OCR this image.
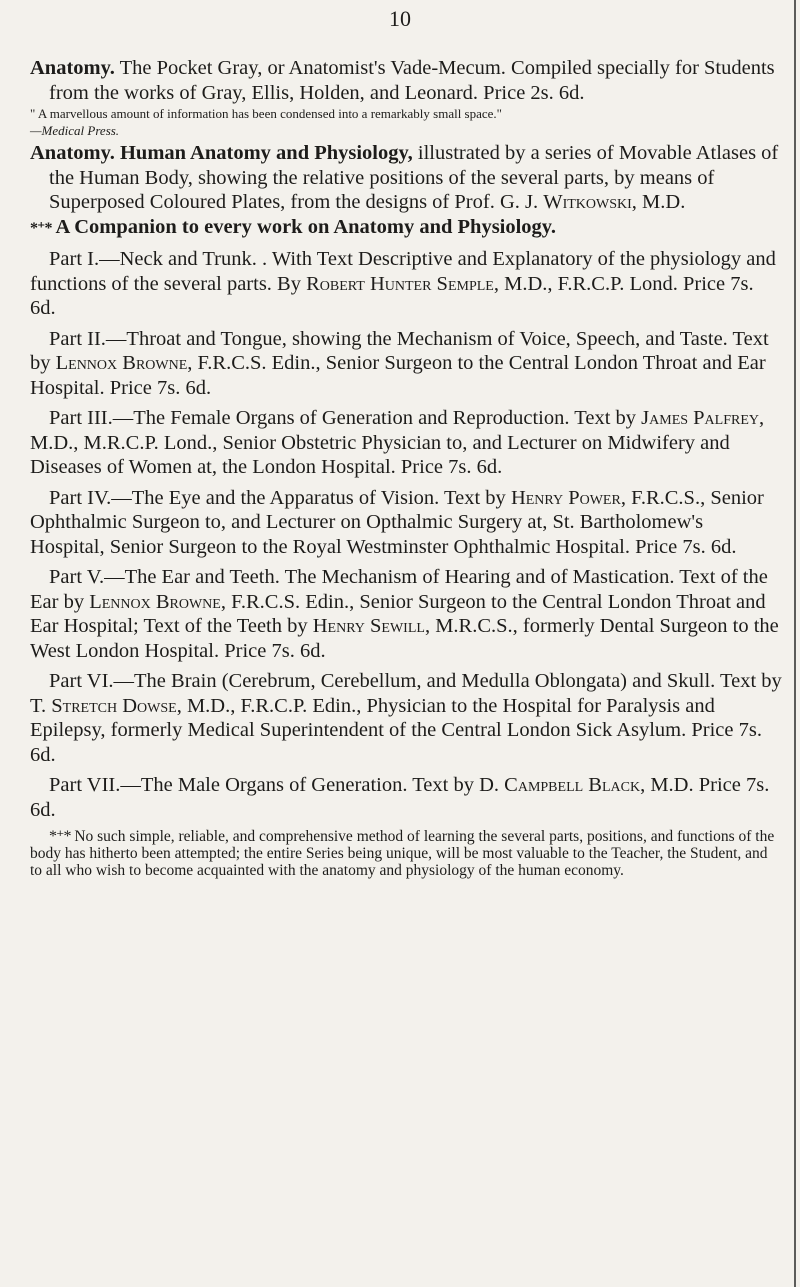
10

Anatomy. The Pocket Gray, or Anatomist's Vade-Mecum. Compiled specially for Students from the works of Gray, Ellis, Holden, and Leonard. Price 2s. 6d.

" A marvellous amount of information has been condensed into a remarkably small space."
—Medical Press.

Anatomy. Human Anatomy and Physiology, illustrated by a series of Movable Atlases of the Human Body, showing the relative positions of the several parts, by means of Superposed Coloured Plates, from the designs of Prof. G. J. Witkowski, M.D.

*⁺* A Companion to every work on Anatomy and Physiology.

Part I.—Neck and Trunk. . With Text Descriptive and Explanatory of the physiology and functions of the several parts. By Robert Hunter Semple, M.D., F.R.C.P. Lond. Price 7s. 6d.

Part II.—Throat and Tongue, showing the Mechanism of Voice, Speech, and Taste. Text by Lennox Browne, F.R.C.S. Edin., Senior Surgeon to the Central London Throat and Ear Hospital. Price 7s. 6d.

Part III.—The Female Organs of Generation and Reproduction. Text by James Palfrey, M.D., M.R.C.P. Lond., Senior Obstetric Physician to, and Lecturer on Midwifery and Diseases of Women at, the London Hospital. Price 7s. 6d.

Part IV.—The Eye and the Apparatus of Vision. Text by Henry Power, F.R.C.S., Senior Ophthalmic Surgeon to, and Lecturer on Opthalmic Surgery at, St. Bartholomew's Hospital, Senior Surgeon to the Royal Westminster Ophthalmic Hospital. Price 7s. 6d.

Part V.—The Ear and Teeth. The Mechanism of Hearing and of Mastication. Text of the Ear by Lennox Browne, F.R.C.S. Edin., Senior Surgeon to the Central London Throat and Ear Hospital; Text of the Teeth by Henry Sewill, M.R.C.S., formerly Dental Surgeon to the West London Hospital. Price 7s. 6d.

Part VI.—The Brain (Cerebrum, Cerebellum, and Medulla Oblongata) and Skull. Text by T. Stretch Dowse, M.D., F.R.C.P. Edin., Physician to the Hospital for Paralysis and Epilepsy, formerly Medical Superintendent of the Central London Sick Asylum. Price 7s. 6d.

Part VII.—The Male Organs of Generation. Text by D. Campbell Black, M.D. Price 7s. 6d.

*⁺* No such simple, reliable, and comprehensive method of learning the several parts, positions, and functions of the body has hitherto been attempted; the entire Series being unique, will be most valuable to the Teacher, the Student, and to all who wish to become acquainted with the anatomy and physiology of the human economy.
